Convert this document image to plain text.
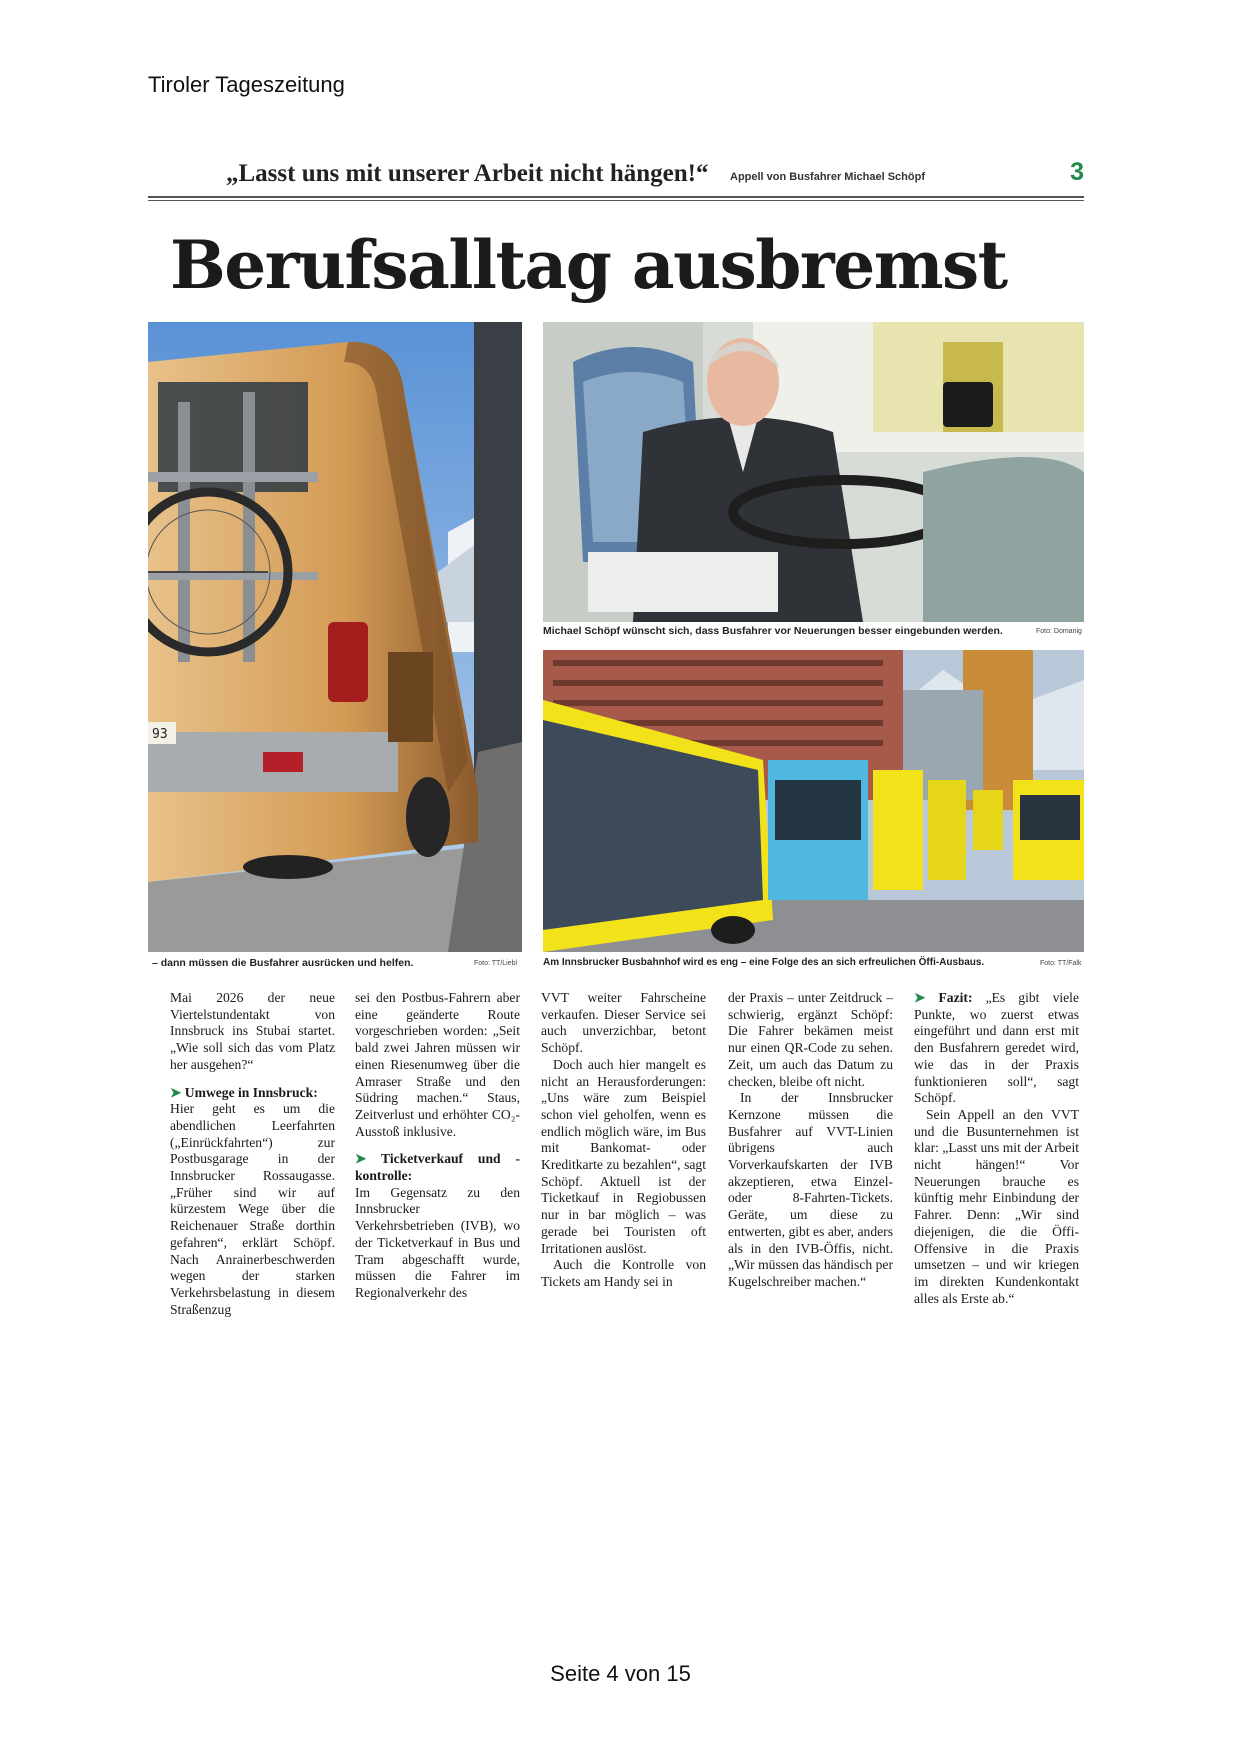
Tiroler Tageszeitung
„Lasst uns mit unserer Arbeit nicht hängen!“ Appell von Busfahrer Michael Schöpf	3
Berufsalltag ausbremst
93
– dann müssen die Busfahrer ausrücken und helfen.	Foto: TT/Liebl
Michael Schöpf wünscht sich, dass Busfahrer vor Neuerungen besser eingebunden werden.	Foto: Domanig
Am Innsbrucker Busbahnhof wird es eng – eine Folge des an sich erfreulichen Öffi-Ausbaus.	Foto: TT/Falk

Mai 2026 der neue Viertelstundentakt von Innsbruck ins Stubai startet. „Wie soll sich das vom Platz her ausgehen?“

➤ Umwege in Innsbruck:

Hier geht es um die abendlichen Leerfahrten („Einrückfahrten“) zur Postbusgarage in der Innsbrucker Rossaugasse. „Früher sind wir auf kürzestem Wege über die Reichenauer Straße dorthin gefahren“, erklärt Schöpf. Nach Anrainerbeschwerden wegen der starken Verkehrsbelastung in diesem Straßenzug

sei den Postbus-Fahrern aber eine geänderte Route vorgeschrieben worden: „Seit bald zwei Jahren müssen wir einen Riesenumweg über die Amraser Straße und den Südring machen.“ Staus, Zeitverlust und erhöhter CO₂-Ausstoß inklusive.

➤ Ticketverkauf und -kontrolle:

Im Gegensatz zu den Innsbrucker Verkehrsbetrieben (IVB), wo der Ticketverkauf in Bus und Tram abgeschafft wurde, müssen die Fahrer im Regionalverkehr des

VVT weiter Fahrscheine verkaufen. Dieser Service sei auch unverzichbar, betont Schöpf.

Doch auch hier mangelt es nicht an Herausforderungen: „Uns wäre zum Beispiel schon viel geholfen, wenn es endlich möglich wäre, im Bus mit Bankomat- oder Kreditkarte zu bezahlen“, sagt Schöpf. Aktuell ist der Ticketkauf in Regiobussen nur in bar möglich – was gerade bei Touristen oft Irritationen auslöst.

Auch die Kontrolle von Tickets am Handy sei in

der Praxis – unter Zeitdruck – schwierig, ergänzt Schöpf: Die Fahrer bekämen meist nur einen QR-Code zu sehen. Zeit, um auch das Datum zu checken, bleibe oft nicht.

In der Innsbrucker Kernzone müssen die Busfahrer auf VVT-Linien übrigens auch Vorverkaufskarten der IVB akzeptieren, etwa Einzel- oder 8-Fahrten-Tickets. Geräte, um diese zu entwerten, gibt es aber, anders als in den IVB-Öffis, nicht. „Wir müssen das händisch per Kugelschreiber machen.“

➤ Fazit: „Es gibt viele Punkte, wo zuerst etwas eingeführt und dann erst mit den Busfahrern geredet wird, wie das in der Praxis funktionieren soll“, sagt Schöpf.

Sein Appell an den VVT und die Busunternehmen ist klar: „Lasst uns mit der Arbeit nicht hängen!“ Vor Neuerungen brauche es künftig mehr Einbindung der Fahrer. Denn: „Wir sind diejenigen, die die Öffi-Offensive in die Praxis umsetzen – und wir kriegen im direkten Kundenkontakt alles als Erste ab.“

Seite 4 von 15
